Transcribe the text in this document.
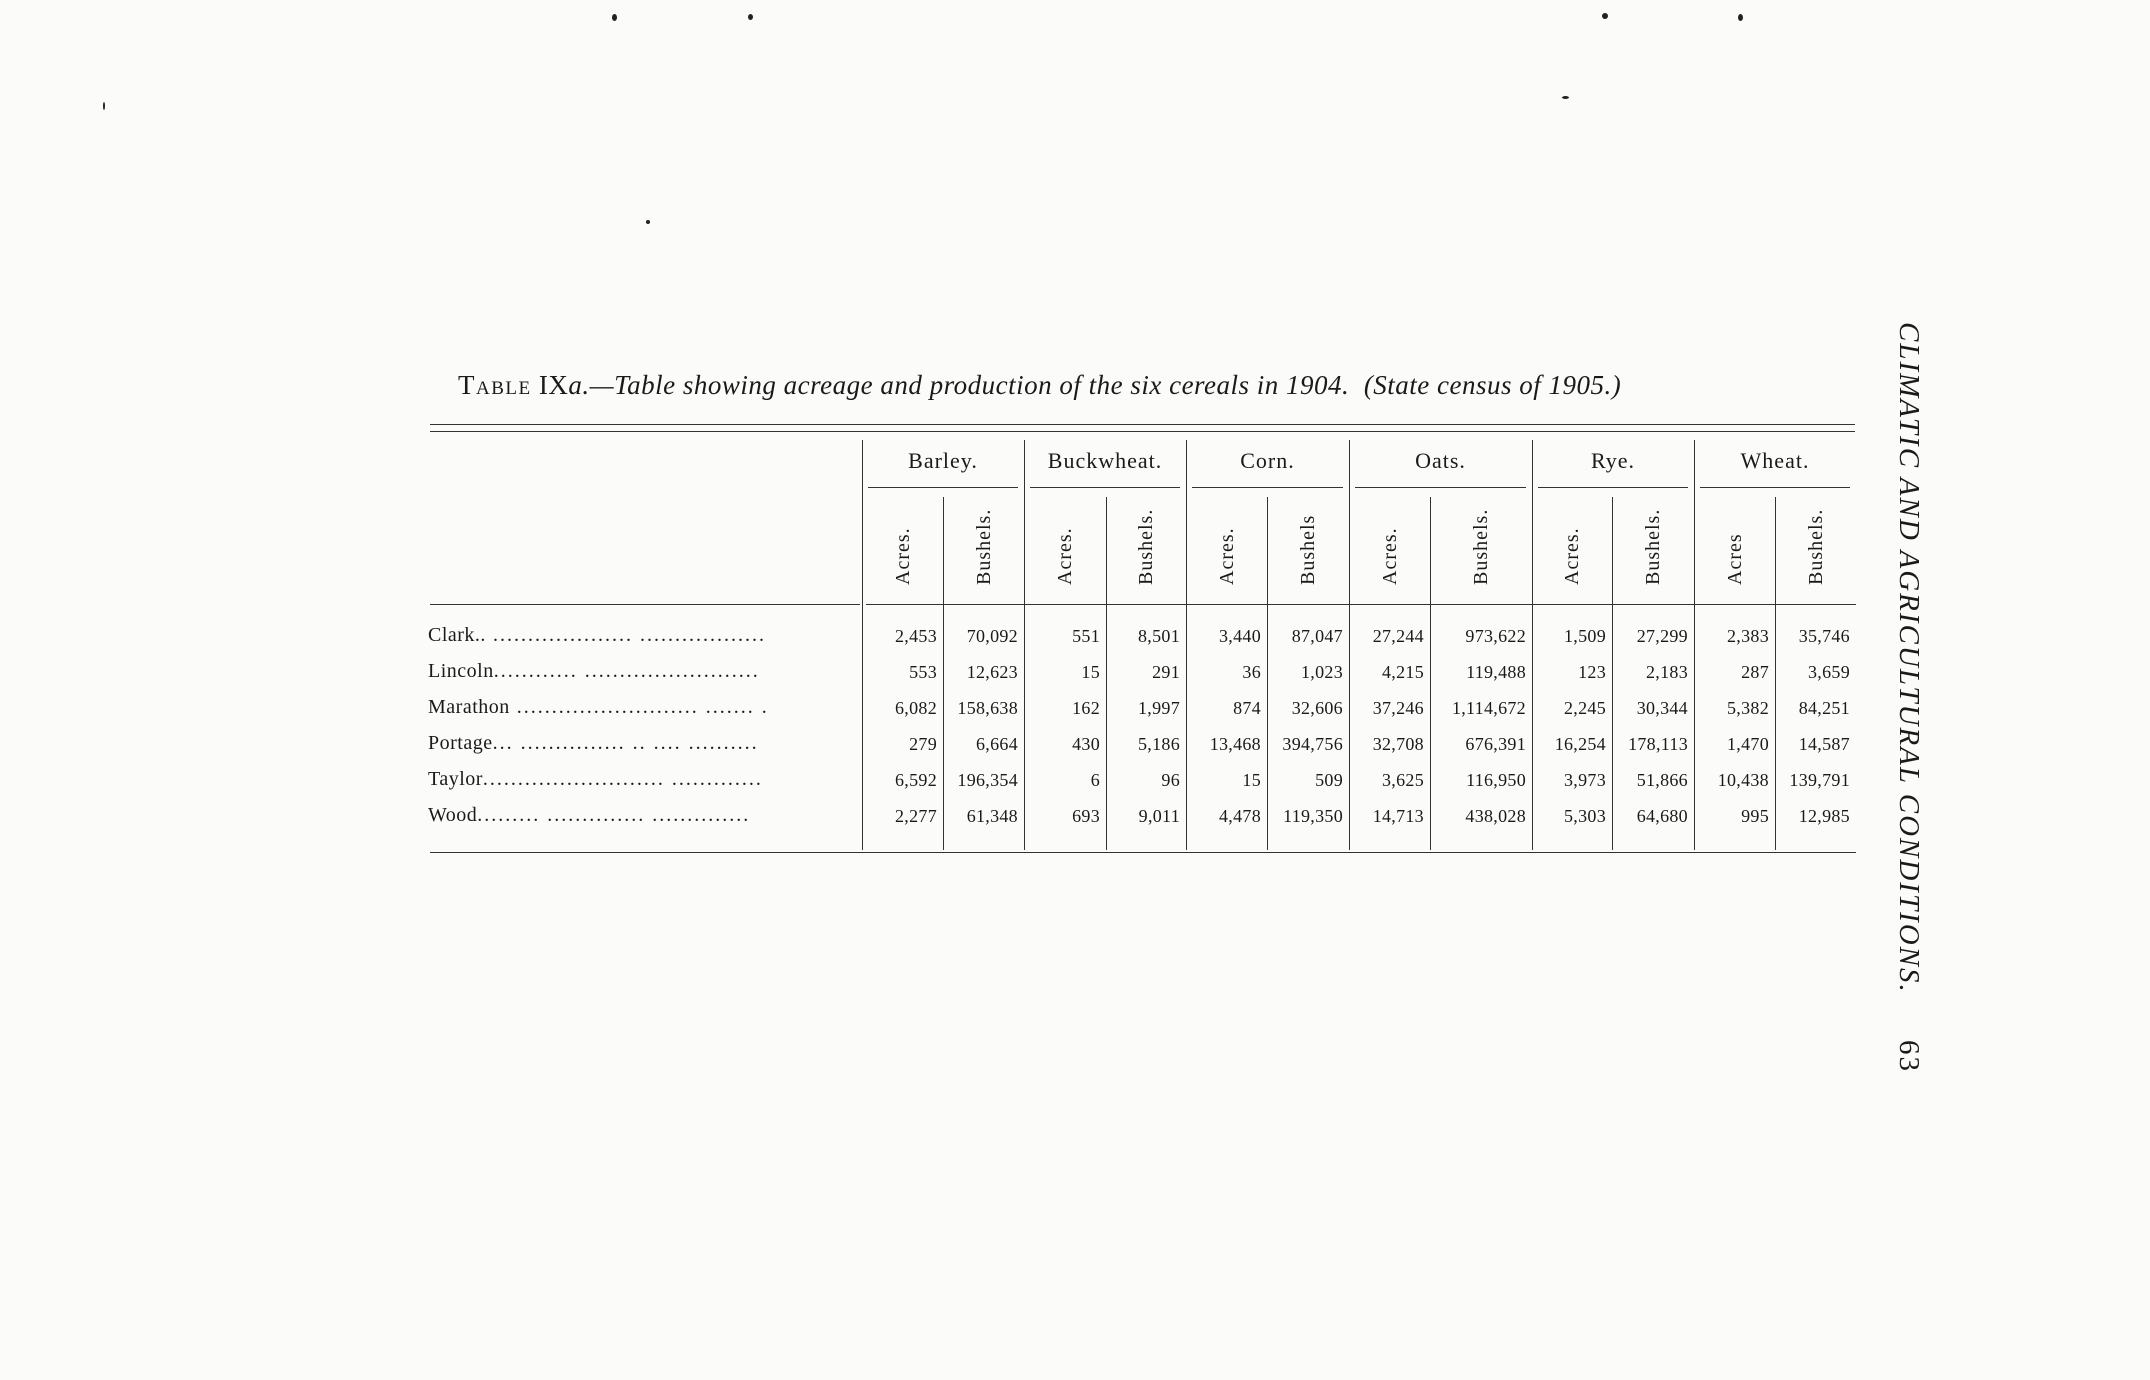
Table IXa.—Table showing acreage and production of the six cereals in 1904. (State census of 1905.)
Barley.	Buckwheat.	Corn.	Oats.	Rye.	Wheat.
Acres.	Bushels.	Acres.	Bushels.	Acres.	Bushels	Acres.	Bushels.	Acres.	Bushels.	Acres	Bushels.
Clark.. .................... ..................	2,453	70,092	551	8,501	3,440	87,047	27,244	973,622	1,509	27,299	2,383	35,746
Lincoln............ .........................	553	12,623	15	291	36	1,023	4,215	119,488	123	2,183	287	3,659
Marathon .......................... ....... .	6,082	158,638	162	1,997	874	32,606	37,246	1,114,672	2,245	30,344	5,382	84,251
Portage... ............... .. .... ..........	279	6,664	430	5,186	13,468	394,756	32,708	676,391	16,254	178,113	1,470	14,587
Taylor.......................... .............	6,592	196,354	6	96	15	509	3,625	116,950	3,973	51,866	10,438	139,791
Wood......... .............. ..............	2,277	61,348	693	9,011	4,478	119,350	14,713	438,028	5,303	64,680	995	12,985 CLIMATIC AND AGRICULTURAL CONDITIONS.
63
